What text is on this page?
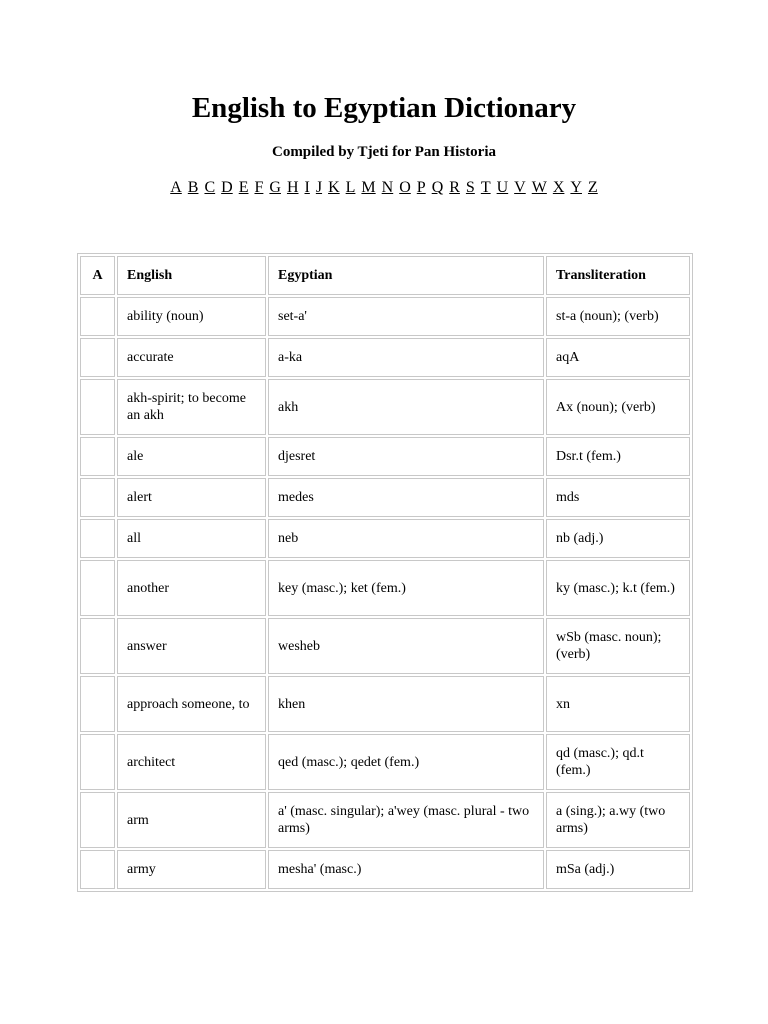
English to Egyptian Dictionary
Compiled by Tjeti for Pan Historia
A B C D E F G H I J K L M N O P Q R S T U V W X Y Z
A	English	Egyptian	Transliteration
	ability (noun)	set-a'	st-a (noun); (verb)
	accurate	a-ka	aqA
	akh-spirit; to become an akh	akh	Ax (noun); (verb)
	ale	djesret	Dsr.t (fem.)
	alert	medes	mds
	all	neb	nb (adj.)
	another	key (masc.); ket (fem.)	ky (masc.); k.t (fem.)
	answer	wesheb	wSb (masc. noun); (verb)
	approach someone, to	khen	xn
	architect	qed (masc.); qedet (fem.)	qd (masc.); qd.t (fem.)
	arm	a' (masc. singular); a'wey (masc. plural - two arms)	a (sing.); a.wy (two arms)
	army	mesha' (masc.)	mSa (adj.)
